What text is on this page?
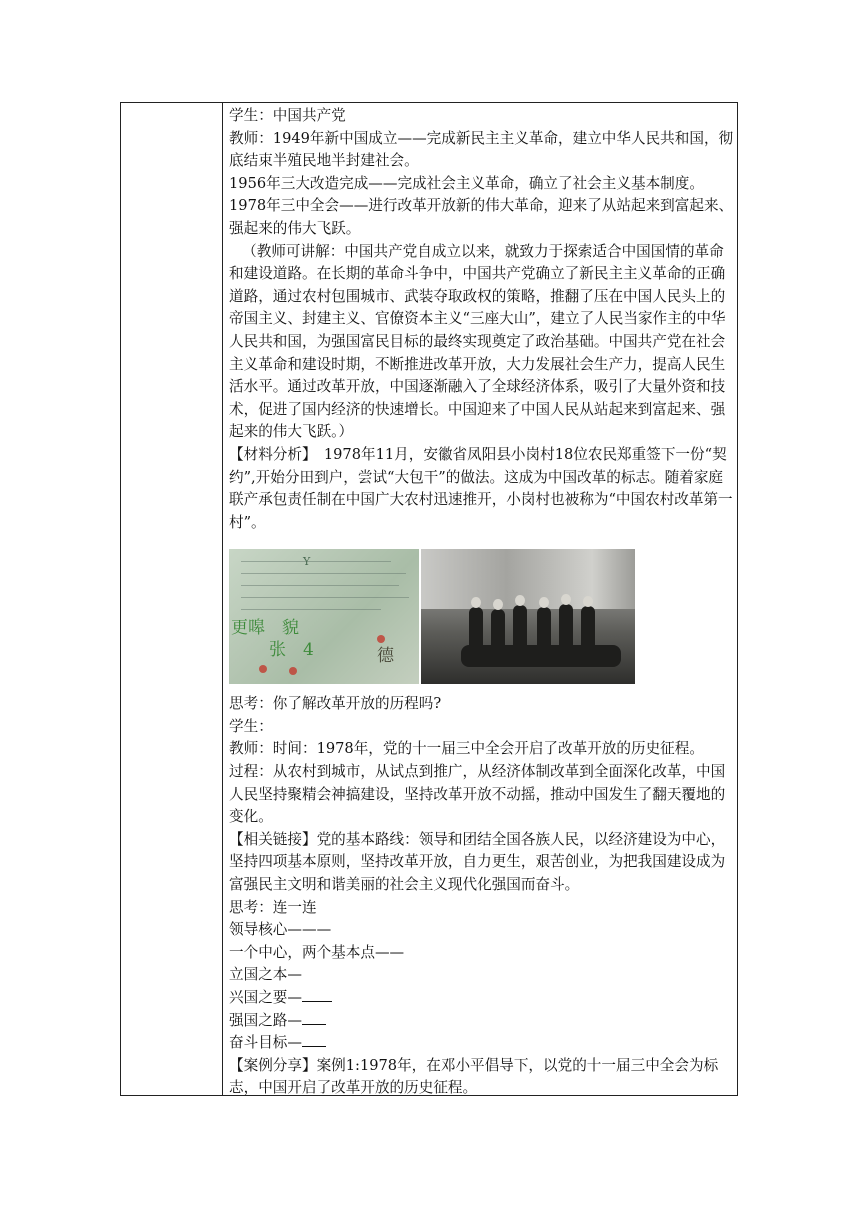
学生：中国共产党

教师：1949年新中国成立——完成新民主主义革命，建立中华人民共和国，彻底结束半殖民地半封建社会。

1956年三大改造完成——完成社会主义革命，确立了社会主义基本制度。

1978年三中全会——进行改革开放新的伟大革命，迎来了从站起来到富起来、强起来的伟大飞跃。

（教师可讲解：中国共产党自成立以来，就致力于探索适合中国国情的革命和建设道路。在长期的革命斗争中，中国共产党确立了新民主主义革命的正确道路，通过农村包围城市、武装夺取政权的策略，推翻了压在中国人民头上的帝国主义、封建主义、官僚资本主义“三座大山”，建立了人民当家作主的中华人民共和国，为强国富民目标的最终实现奠定了政治基础。中国共产党在社会主义革命和建设时期，不断推进改革开放，大力发展社会生产力，提高人民生活水平。通过改革开放，中国逐渐融入了全球经济体系，吸引了大量外资和技术，促进了国内经济的快速增长。中国迎来了中国人民从站起来到富起来、强起来的伟大飞跃。）

【材料分析】　1978年11月，安徽省凤阳县小岗村18位农民郑重签下一份“契约”,开始分田到户，尝试“大包干”的做法。这成为中国改革的标志。随着家庭联产承包责任制在中国广大农村迅速推开，小岗村也被称为“中国农村改革第一村”。

Y
更嗥　貌
张　4	德

思考：你了解改革开放的历程吗?

学生：

教师：时间：1978年，党的十一届三中全会开启了改革开放的历史征程。

过程：从农村到城市，从试点到推广，从经济体制改革到全面深化改革，中国人民坚持聚精会神搞建设，坚持改革开放不动摇，推动中国发生了翻天覆地的变化。

【相关链接】党的基本路线：领导和团结全国各族人民，以经济建设为中心，坚持四项基本原则，坚持改革开放，自力更生，艰苦创业，为把我国建设成为富强民主文明和谐美丽的社会主义现代化强国而奋斗。

思考：连一连

领导核心———

一个中心，两个基本点——

立国之本—

兴国之要—

强国之路—

奋斗目标—

【案例分享】案例1:1978年，在邓小平倡导下，以党的十一届三中全会为标志，中国开启了改革开放的历史征程。
